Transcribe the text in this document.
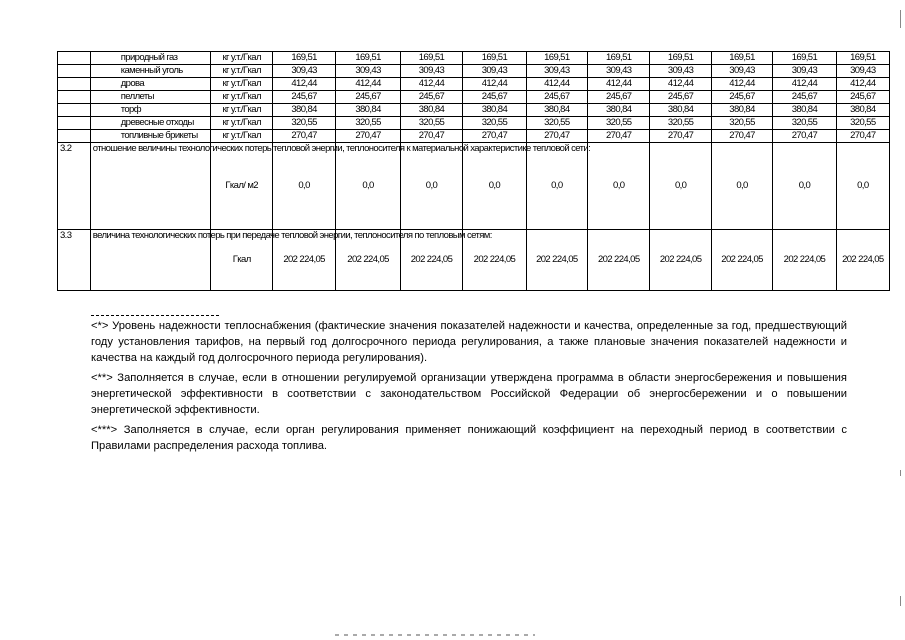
	природный газ	кг у.т./Гкал	169,51	169,51	169,51	169,51	169,51	169,51	169,51	169,51	169,51	169,51
	каменный уголь	кг у.т./Гкал	309,43	309,43	309,43	309,43	309,43	309,43	309,43	309,43	309,43	309,43
	дрова	кг у.т./Гкал	412,44	412,44	412,44	412,44	412,44	412,44	412,44	412,44	412,44	412,44
	пеллеты	кг у.т./Гкал	245,67	245,67	245,67	245,67	245,67	245,67	245,67	245,67	245,67	245,67
	торф	кг у.т./Гкал	380,84	380,84	380,84	380,84	380,84	380,84	380,84	380,84	380,84	380,84
	древесные отходы	кг у.т./Гкал	320,55	320,55	320,55	320,55	320,55	320,55	320,55	320,55	320,55	320,55
	топливные брикеты	кг у.т./Гкал	270,47	270,47	270,47	270,47	270,47	270,47	270,47	270,47	270,47	270,47
3.2	отношение величины технологических потерь тепловой энергии, теплоносителя к материальной характеристике тепловой сети:	Гкал/ м2	0,0	0,0	0,0	0,0	0,0	0,0	0,0	0,0	0,0	0,0
3.3	величина технологических потерь при передаче тепловой энергии, теплоносителя по тепловым сетям:	Гкал	202 224,05	202 224,05	202 224,05	202 224,05	202 224,05	202 224,05	202 224,05	202 224,05	202 224,05	202 224,05
<*> Уровень надежности теплоснабжения (фактические значения показателей надежности и качества, определенные за год, предшествующий году установления тарифов, на первый год долгосрочного периода регулирования, а также плановые значения показателей надежности и качества на каждый год долгосрочного периода регулирования).
<**> Заполняется в случае, если в отношении регулируемой организации утверждена программа в области энергосбережения и повышения энергетической эффективности в соответствии с законодательством Российской Федерации об энергосбережении и о повышении энергетической эффективности.
<***> Заполняется в случае, если орган регулирования применяет понижающий коэффициент на переходный период в соответствии с Правилами распределения расхода топлива.
